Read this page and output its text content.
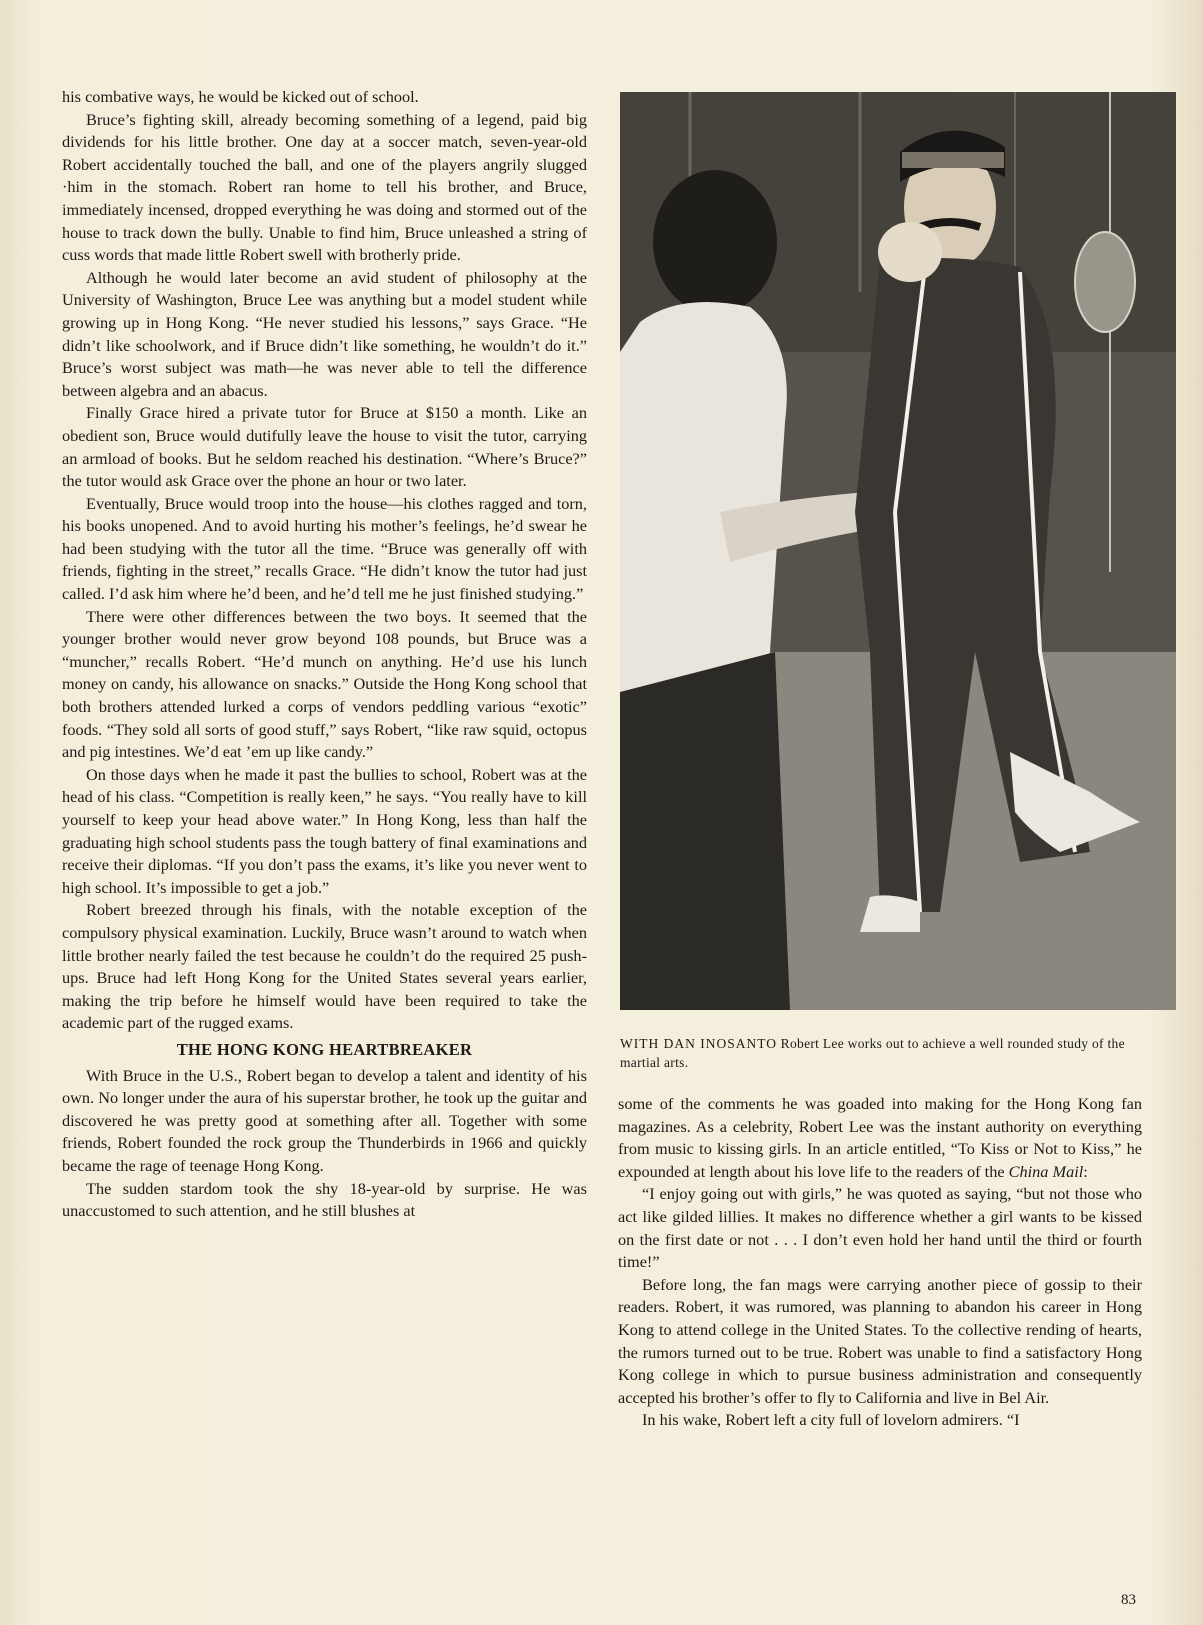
his combative ways, he would be kicked out of school.

Bruce’s fighting skill, already becoming something of a legend, paid big dividends for his little brother. One day at a soccer match, seven-year-old Robert accidentally touched the ball, and one of the players angrily slugged ·him in the stomach. Robert ran home to tell his brother, and Bruce, immediately incensed, dropped everything he was doing and stormed out of the house to track down the bully. Unable to find him, Bruce unleashed a string of cuss words that made little Robert swell with brotherly pride.

Although he would later become an avid student of philosophy at the University of Washington, Bruce Lee was anything but a model student while growing up in Hong Kong. “He never studied his lessons,” says Grace. “He didn’t like schoolwork, and if Bruce didn’t like something, he wouldn’t do it.” Bruce’s worst subject was math—he was never able to tell the difference between algebra and an abacus.

Finally Grace hired a private tutor for Bruce at $150 a month. Like an obedient son, Bruce would dutifully leave the house to visit the tutor, carrying an armload of books. But he seldom reached his destination. “Where’s Bruce?” the tutor would ask Grace over the phone an hour or two later.

Eventually, Bruce would troop into the house—his clothes ragged and torn, his books unopened. And to avoid hurting his mother’s feelings, he’d swear he had been studying with the tutor all the time. “Bruce was generally off with friends, fighting in the street,” recalls Grace. “He didn’t know the tutor had just called. I’d ask him where he’d been, and he’d tell me he just finished studying.”

There were other differences between the two boys. It seemed that the younger brother would never grow beyond 108 pounds, but Bruce was a “muncher,” recalls Robert. “He’d munch on anything. He’d use his lunch money on candy, his allowance on snacks.” Outside the Hong Kong school that both brothers attended lurked a corps of vendors peddling various “exotic” foods. “They sold all sorts of good stuff,” says Robert, “like raw squid, octopus and pig intestines. We’d eat ’em up like candy.”

On those days when he made it past the bullies to school, Robert was at the head of his class. “Competition is really keen,” he says. “You really have to kill yourself to keep your head above water.” In Hong Kong, less than half the graduating high school students pass the tough battery of final examinations and receive their diplomas. “If you don’t pass the exams, it’s like you never went to high school. It’s impossible to get a job.”

Robert breezed through his finals, with the notable exception of the compulsory physical examination. Luckily, Bruce wasn’t around to watch when little brother nearly failed the test because he couldn’t do the required 25 push-ups. Bruce had left Hong Kong for the United States several years earlier, making the trip before he himself would have been required to take the academic part of the rugged exams.

THE HONG KONG HEARTBREAKER

With Bruce in the U.S., Robert began to develop a talent and identity of his own. No longer under the aura of his superstar brother, he took up the guitar and discovered he was pretty good at something after all. Together with some friends, Robert founded the rock group the Thunderbirds in 1966 and quickly became the rage of teenage Hong Kong.

The sudden stardom took the shy 18-year-old by surprise. He was unaccustomed to such attention, and he still blushes at

WITH DAN INOSANTO Robert Lee works out to achieve a well rounded study of the martial arts.

some of the comments he was goaded into making for the Hong Kong fan magazines. As a celebrity, Robert Lee was the instant authority on everything from music to kissing girls. In an article entitled, “To Kiss or Not to Kiss,” he expounded at length about his love life to the readers of the China Mail:

“I enjoy going out with girls,” he was quoted as saying, “but not those who act like gilded lillies. It makes no difference whether a girl wants to be kissed on the first date or not . . . I don’t even hold her hand until the third or fourth time!”

Before long, the fan mags were carrying another piece of gossip to their readers. Robert, it was rumored, was planning to abandon his career in Hong Kong to attend college in the United States. To the collective rending of hearts, the rumors turned out to be true. Robert was unable to find a satisfactory Hong Kong college in which to pursue business administration and consequently accepted his brother’s offer to fly to California and live in Bel Air.

In his wake, Robert left a city full of lovelorn admirers. “I

83
